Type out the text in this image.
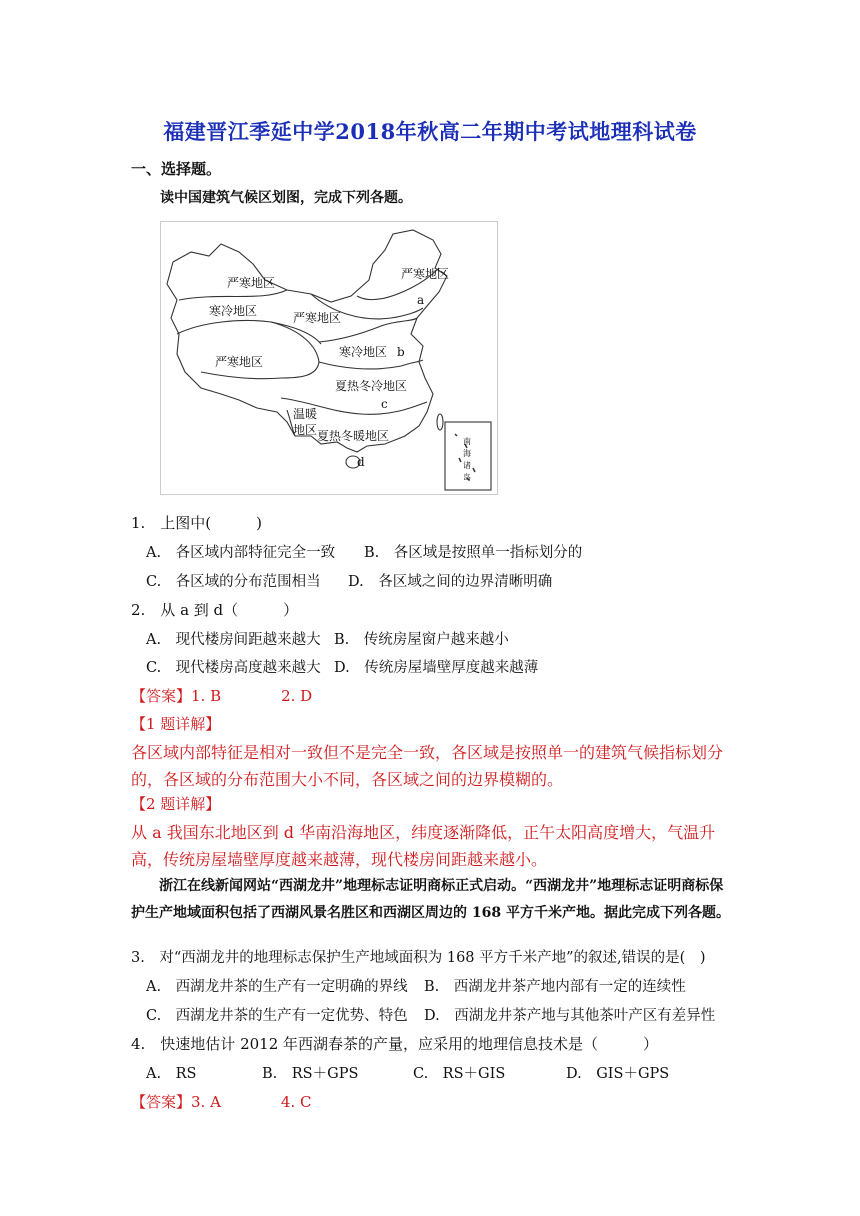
福建晋江季延中学2018年秋高二年期中考试地理科试卷
一、选择题。
读中国建筑气候区划图，完成下列各题。
严寒地区
a
严寒地区
寒冷地区	严寒地区
严寒地区
寒冷地区 b
夏热冬冷地区
c
温暖
地区 夏热冬暖地区
d
南
海
诸
岛
1.　上图中(　　　)
A.　各区域内部特征完全一致 B.　各区域是按照单一指标划分的
C.　各区域的分布范围相当 D.　各区域之间的边界清晰明确
2.　从 a 到 d（　　　）
A.　现代楼房间距越来越大 B.　传统房屋窗户越来越小
C.　现代楼房高度越来越大 D.　传统房屋墙壁厚度越来越薄
【答案】1. B　　　　2. D
【1 题详解】
各区域内部特征是相对一致但不是完全一致，各区域是按照单一的建筑气候指标划分的，各区域的分布范围大小不同，各区域之间的边界模糊的。
【2 题详解】
从 a 我国东北地区到 d 华南沿海地区，纬度逐渐降低，正午太阳高度增大，气温升高，传统房屋墙壁厚度越来越薄，现代楼房间距越来越小。
浙江在线新闻网站“西湖龙井”地理标志证明商标正式启动。“西湖龙井”地理标志证明商标保护生产地域面积包括了西湖风景名胜区和西湖区周边的 168 平方千米产地。据此完成下列各题。
3.　对“西湖龙井的地理标志保护生产地域面积为 168 平方千米产地”的叙述,错误的是(　)
A.　西湖龙井茶的生产有一定明确的界线 B.　西湖龙井茶产地内部有一定的连续性
C.　西湖龙井茶的生产有一定优势、特色 D.　西湖龙井茶产地与其他茶叶产区有差异性
4.　快速地估计 2012 年西湖春茶的产量，应采用的地理信息技术是（　　　）
A.　RS	B.　RS＋GPS	C.　RS＋GIS	D.　GIS＋GPS
【答案】3. A　　　　4. C
